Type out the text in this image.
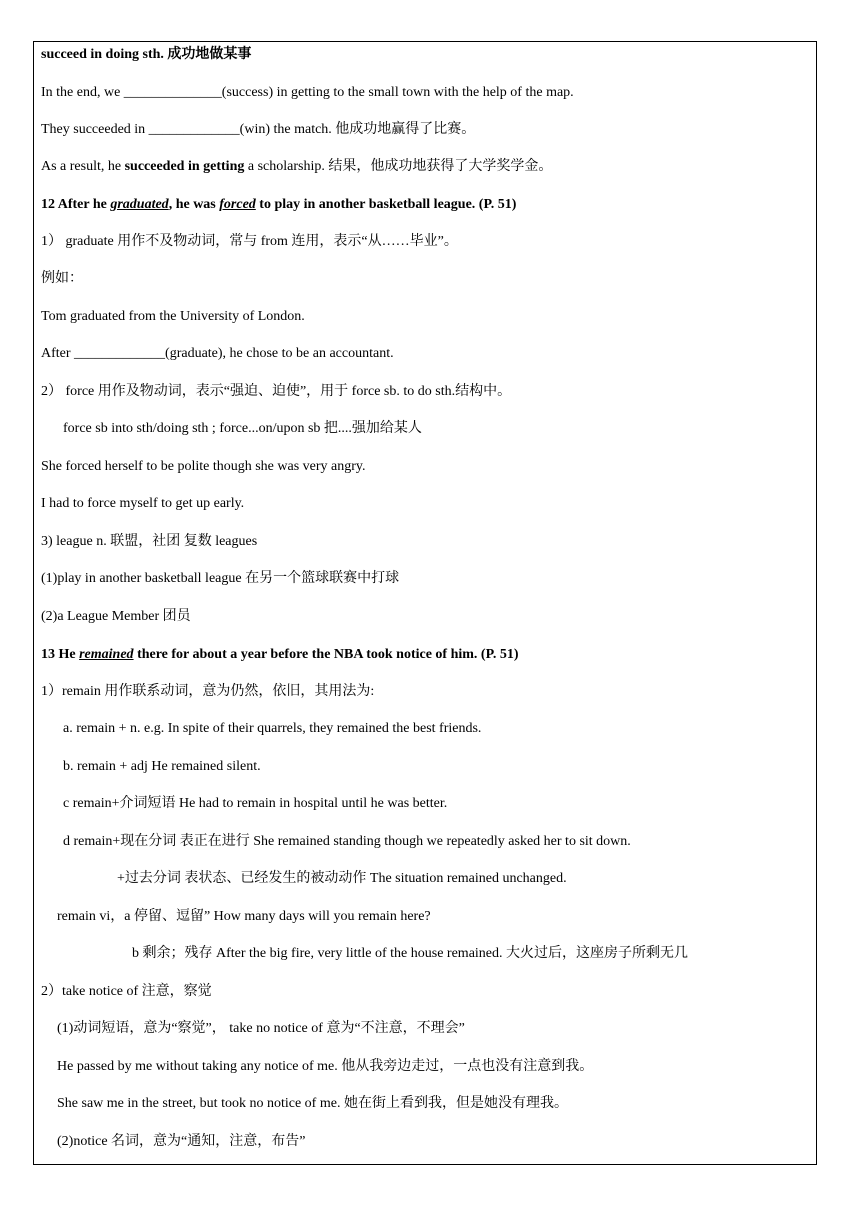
succeed in doing sth. 成功地做某事
In the end, we ______________(success) in getting to the small town with the help of the map.
They succeeded in _____________(win) the match. 他成功地赢得了比赛。
As a result, he succeeded in getting a scholarship. 结果，他成功地获得了大学奖学金。
12 After he graduated, he was forced to play in another basketball league. (P. 51)
1） graduate 用作不及物动词，常与 from 连用，表示“从……毕业”。
例如：
Tom graduated from the University of London.
After _____________(graduate), he chose to be an accountant.
2） force 用作及物动词，表示“强迫、迫使”，用于 force sb. to do sth.结构中。
force sb into sth/doing sth ; force...on/upon sb 把....强加给某人
She forced herself to be polite though she was very angry.
I had to force myself to get up early.
3) league n. 联盟，社团 复数 leagues
(1)play in another basketball league 在另一个篮球联赛中打球
(2)a League Member 团员
13 He remained there for about a year before the NBA took notice of him. (P. 51)
1）remain 用作联系动词，意为仍然，依旧，其用法为:
a. remain + n. e.g. In spite of their quarrels, they remained the best friends.
b. remain + adj He remained silent.
c remain+介词短语 He had to remain in hospital until he was better.
d remain+现在分词 表正在进行 She remained standing though we repeatedly asked her to sit down.
+过去分词 表状态、已经发生的被动动作 The situation remained unchanged.
remain vi，a 停留、逗留” How many days will you remain here?
b 剩余；残存 After the big fire, very little of the house remained. 大火过后，这座房子所剩无几
2）take notice of 注意，察觉
(1)动词短语，意为“察觉”， take no notice of 意为“不注意，不理会”
He passed by me without taking any notice of me. 他从我旁边走过，一点也没有注意到我。
She saw me in the street, but took no notice of me. 她在街上看到我，但是她没有理我。
(2)notice 名词，意为“通知，注意，布告”
